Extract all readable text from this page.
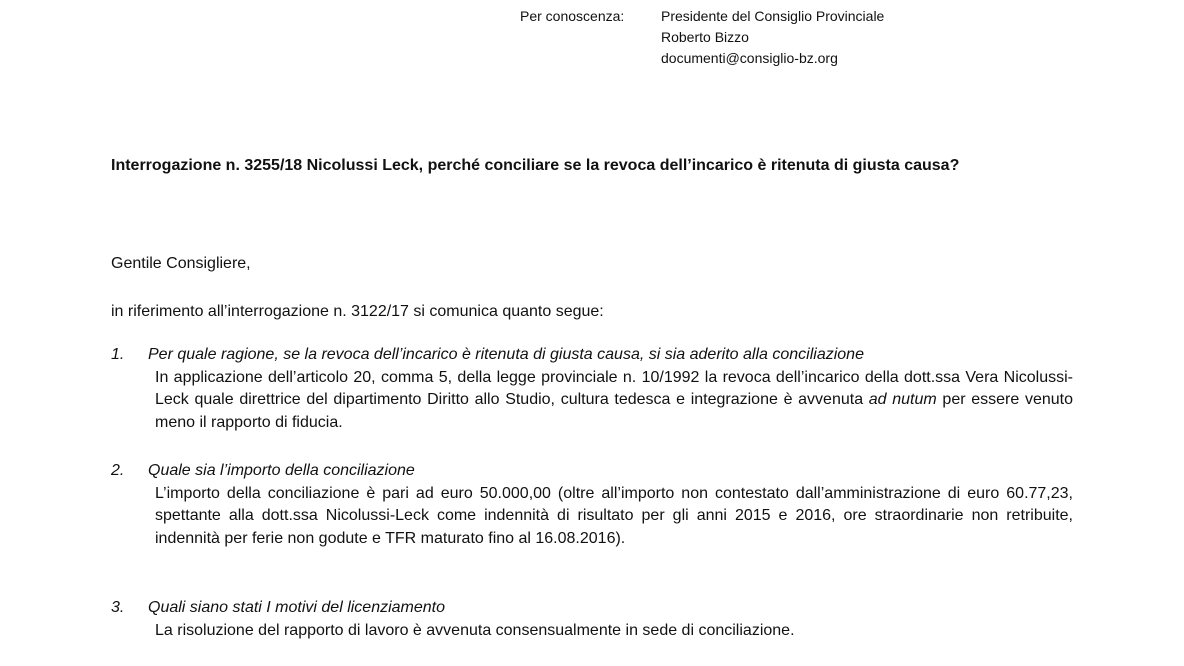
Per conoscenza:	Presidente del Consiglio Provinciale
Roberto Bizzo
documenti@consiglio-bz.org
Interrogazione n. 3255/18 Nicolussi Leck, perché conciliare se la revoca dell’incarico è ritenuta di giusta causa?
Gentile Consigliere,
in riferimento all’interrogazione n. 3122/17 si comunica quanto segue:
1. Per quale ragione, se la revoca dell’incarico è ritenuta di giusta causa, si sia aderito alla conciliazione
In applicazione dell’articolo 20, comma 5, della legge provinciale n. 10/1992 la revoca dell’incarico della dott.ssa Vera Nicolussi-Leck quale direttrice del dipartimento Diritto allo Studio, cultura tedesca e integrazione è avvenuta ad nutum per essere venuto meno il rapporto di fiducia.
2. Quale sia l’importo della conciliazione
L’importo della conciliazione è pari ad euro 50.000,00 (oltre all’importo non contestato dall’amministrazione di euro 60.77,23, spettante alla dott.ssa Nicolussi-Leck come indennità di risultato per gli anni 2015 e 2016, ore straordinarie non retribuite, indennità per ferie non godute e TFR maturato fino al 16.08.2016).
3. Quali siano stati I motivi del licenziamento
La risoluzione del rapporto di lavoro è avvenuta consensualmente in sede di conciliazione.
